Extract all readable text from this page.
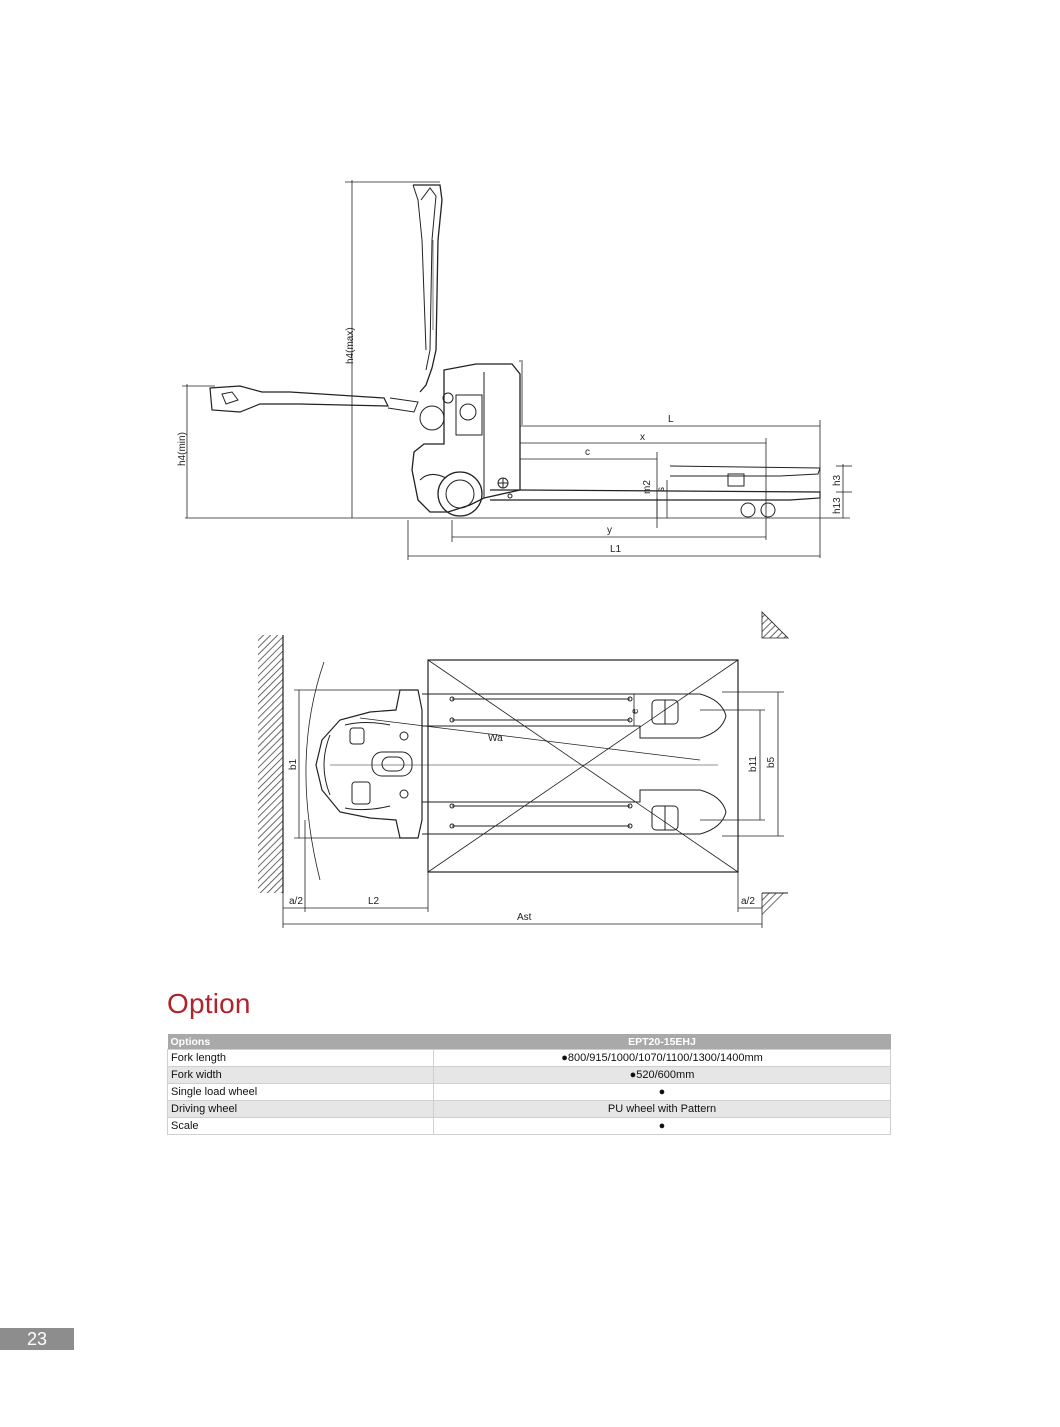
h4(max)
h4(min)
L
x
c
m2 s
h3
h13
y
L1
Wa
b1
e
b11 b5
a/2	L2	a/2
Ast
Option
Options	EPT20-15EHJ
Fork length	●800/915/1000/1070/1100/1300/1400mm
Fork width	●520/600mm
Single load wheel	●
Driving wheel	PU wheel with Pattern
Scale	●
23
